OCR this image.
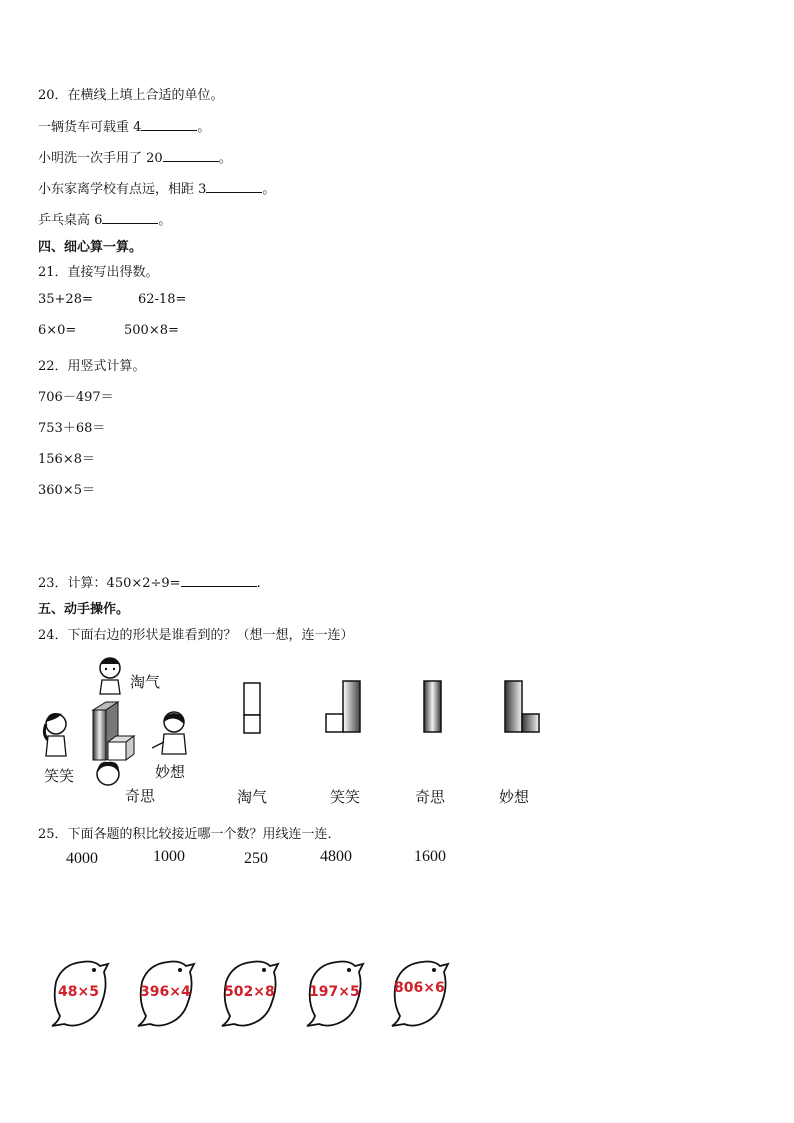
20．在横线上填上合适的单位。
一辆货车可载重 4	。
小明洗一次手用了 20	。
小东家离学校有点远，相距 3	。
乒乓桌高 6	。
四、细心算一算。
21．直接写出得数。
35+28=	62-18=
6×0=	500×8=
22．用竖式计算。
706－497＝
753＋68＝
156×8＝
360×5＝
23．计算：450×2÷9=	.
五、动手操作。
24．下面右边的形状是谁看到的？（想一想，连一连）
淘气
笑笑
奇思
妙想
淘气	笑笑	奇思	妙想
25．下面各题的积比较接近哪一个数？用线连一连．
4000	1000	250	4800	1600
48×5	396×4 502×8 197×5 806×6
